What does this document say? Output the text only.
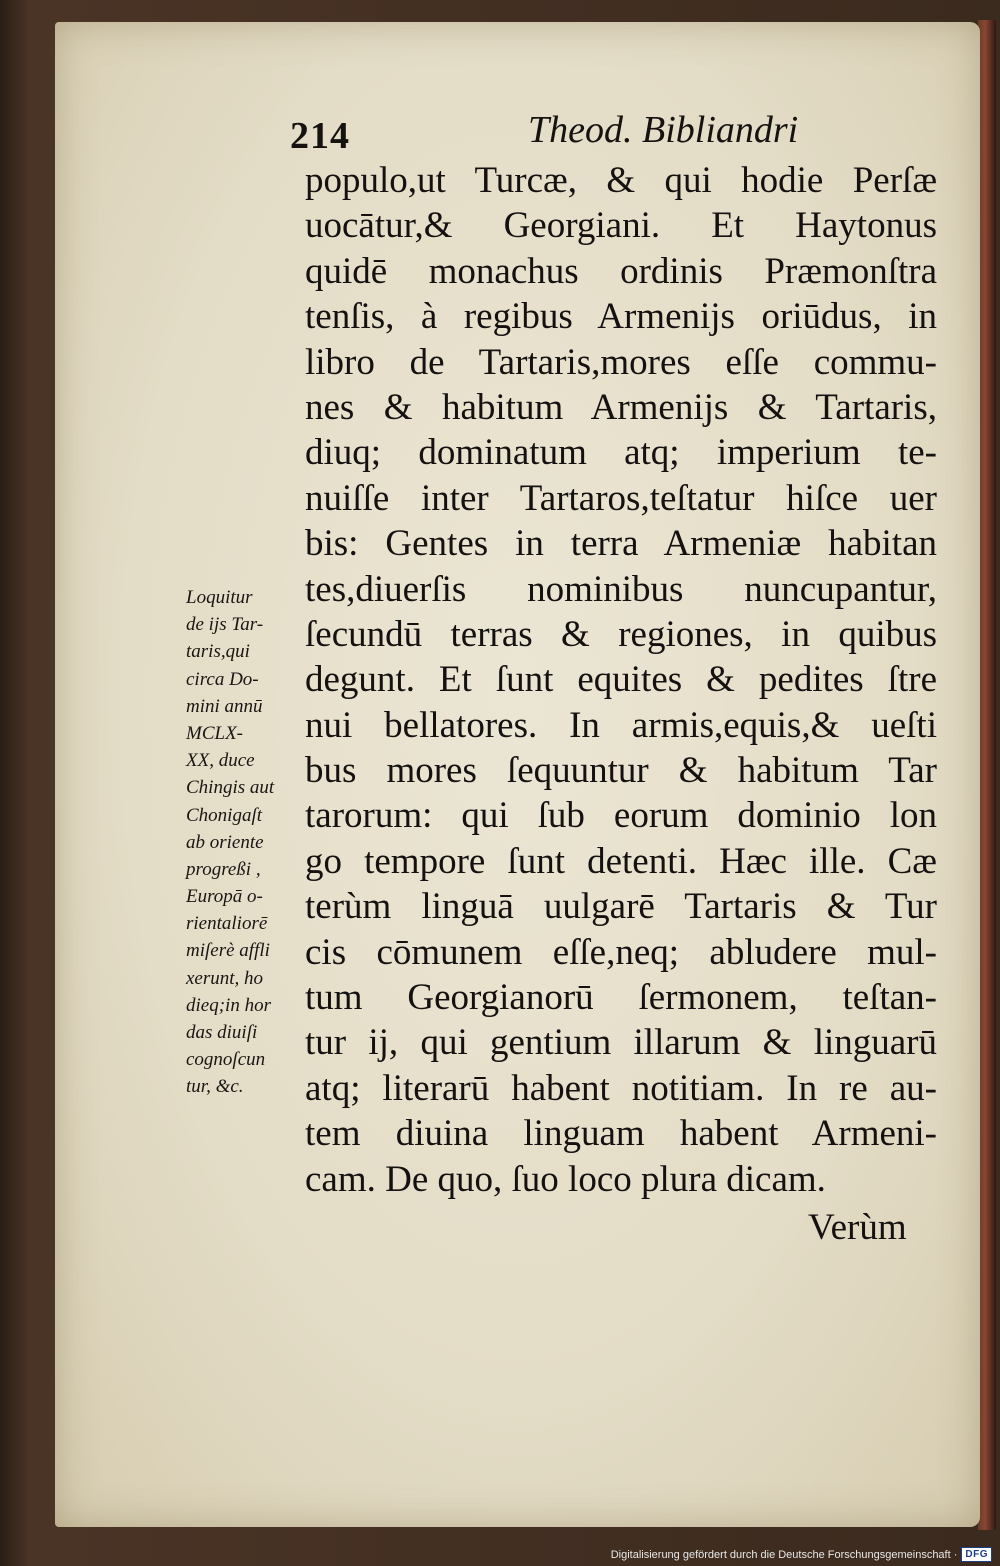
214	Theod. Bibliandri
populo,ut Turcæ, & qui hodie Perſæ
uocātur,& Georgiani. Et Haytonus
quidē monachus ordinis Præmonſtra
tenſis, à regibus Armenijs oriūdus, in
libro de Tartaris,mores eſſe commu-
nes & habitum Armenijs & Tartaris,
diuq; dominatum atq; imperium te-
nuiſſe inter Tartaros,teſtatur hiſce uer
bis: Gentes in terra Armeniæ habitan
tes,diuerſis nominibus nuncupantur,
ſecundū terras & regiones, in quibus
degunt. Et ſunt equites & pedites ſtre
nui bellatores. In armis,equis,& ueſti
bus mores ſequuntur & habitum Tar
tarorum: qui ſub eorum dominio lon
go tempore ſunt detenti. Hæc ille. Cæ
terùm linguā uulgarē Tartaris & Tur
cis cōmunem eſſe,neq; abludere mul-
tum Georgianorū ſermonem, teſtan-
tur ij, qui gentium illarum & linguarū
atq; literarū habent notitiam. In re au-
tem diuina linguam habent Armeni-
cam. De quo, ſuo loco plura dicam.
Verùm
Loquitur
de ijs Tar-
taris,qui
circa Do-
mini annū
MCLX-
XX, duce
Chingis aut
Chonigaſt
ab oriente
progreßi ,
Europā o-
rientaliorē
miſerè affli
xerunt, ho
dieq;in hor
das diuiſi
cognoſcun
tur, &c.
Digitalisierung gefördert durch die Deutsche Forschungsgemeinschaft · DFG
